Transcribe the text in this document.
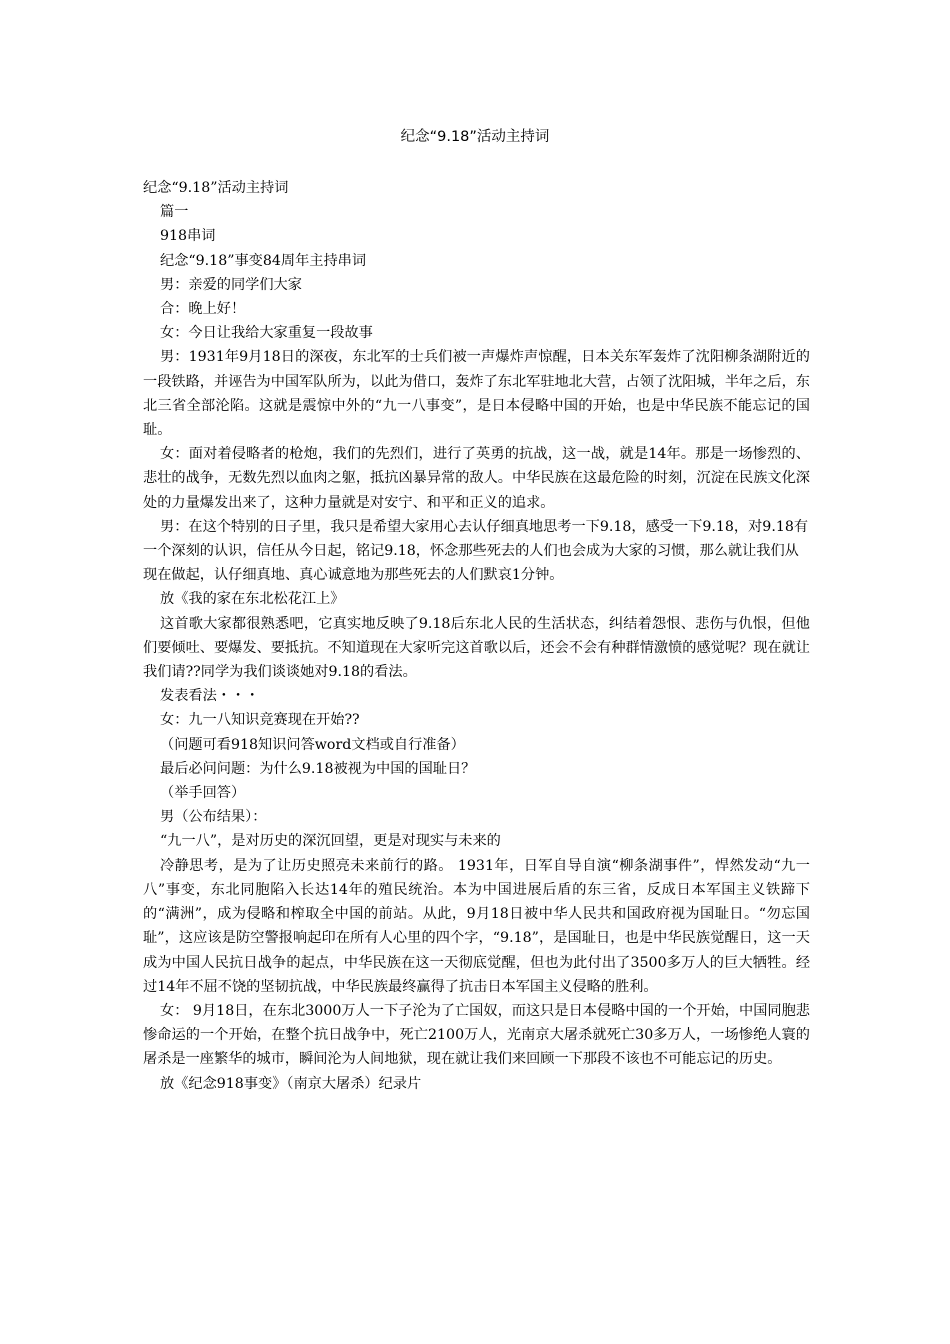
纪念“9.18”活动主持词

纪念“9.18”活动主持词

篇一

918串词

纪念“9.18”事变84周年主持串词

男：亲爱的同学们大家

合：晚上好！

女：今日让我给大家重复一段故事

男：1931年9月18日的深夜，东北军的士兵们被一声爆炸声惊醒，日本关东军轰炸了沈阳柳条湖附近的一段铁路，并诬告为中国军队所为，以此为借口，轰炸了东北军驻地北大营，占领了沈阳城，半年之后，东北三省全部沦陷。这就是震惊中外的“九一八事变”，是日本侵略中国的开始，也是中华民族不能忘记的国耻。

女：面对着侵略者的枪炮，我们的先烈们，进行了英勇的抗战，这一战，就是14年。那是一场惨烈的、悲壮的战争，无数先烈以血肉之躯，抵抗凶暴异常的敌人。中华民族在这最危险的时刻，沉淀在民族文化深处的力量爆发出来了，这种力量就是对安宁、和平和正义的追求。

男：在这个特别的日子里，我只是希望大家用心去认仔细真地思考一下9.18，感受一下9.18，对9.18有一个深刻的认识，信任从今日起，铭记9.18，怀念那些死去的人们也会成为大家的习惯，那么就让我们从现在做起，认仔细真地、真心诚意地为那些死去的人们默哀1分钟。

放《我的家在东北松花江上》

这首歌大家都很熟悉吧，它真实地反映了9.18后东北人民的生活状态，纠结着怨恨、悲伤与仇恨，但他们要倾吐、要爆发、要抵抗。不知道现在大家听完这首歌以后，还会不会有种群情激愤的感觉呢？现在就让我们请??同学为我们谈谈她对9.18的看法。

发表看法・・・

女：九一八知识竞赛现在开始??

（问题可看918知识问答word文档或自行准备）

最后必问问题：为什么9.18被视为中国的国耻日？

（举手回答）

男（公布结果）：

“九一八”，是对历史的深沉回望，更是对现实与未来的

冷静思考，是为了让历史照亮未来前行的路。 1931年，日军自导自演“柳条湖事件”，悍然发动“九一八”事变，东北同胞陷入长达14年的殖民统治。本为中国进展后盾的东三省，反成日本军国主义铁蹄下的“满洲”，成为侵略和榨取全中国的前站。从此，9月18日被中华人民共和国政府视为国耻日。“勿忘国耻”，这应该是防空警报响起印在所有人心里的四个字，“9.18”，是国耻日，也是中华民族觉醒日，这一天成为中国人民抗日战争的起点，中华民族在这一天彻底觉醒，但也为此付出了3500多万人的巨大牺牲。经过14年不屈不饶的坚韧抗战，中华民族最终赢得了抗击日本军国主义侵略的胜利。

女： 9月18日，在东北3000万人一下子沦为了亡国奴，而这只是日本侵略中国的一个开始，中国同胞悲惨命运的一个开始，在整个抗日战争中，死亡2100万人，光南京大屠杀就死亡30多万人，一场惨绝人寰的屠杀是一座繁华的城市，瞬间沦为人间地狱，现在就让我们来回顾一下那段不该也不可能忘记的历史。

放《纪念918事变》（南京大屠杀）纪录片
